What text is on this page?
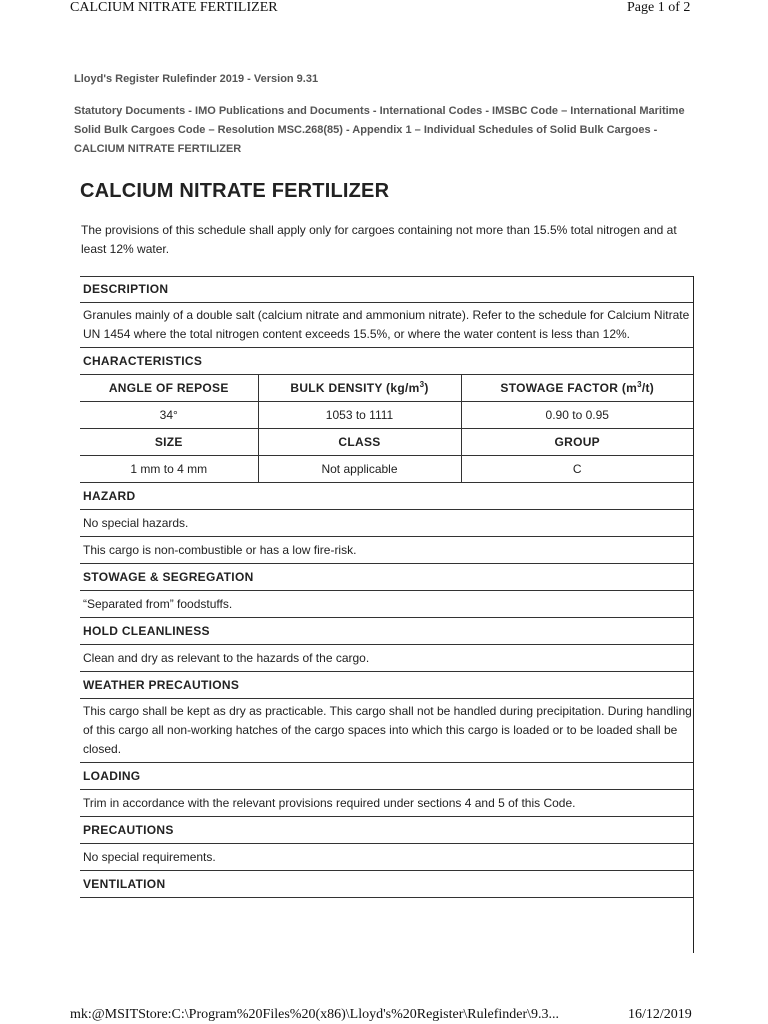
CALCIUM NITRATE FERTILIZER	Page 1 of 2
Lloyd's Register Rulefinder 2019 - Version 9.31
Statutory Documents - IMO Publications and Documents - International Codes - IMSBC Code – International Maritime Solid Bulk Cargoes Code – Resolution MSC.268(85) - Appendix 1 – Individual Schedules of Solid Bulk Cargoes - CALCIUM NITRATE FERTILIZER
CALCIUM NITRATE FERTILIZER
The provisions of this schedule shall apply only for cargoes containing not more than 15.5% total nitrogen and at least 12% water.
DESCRIPTION		
Granules mainly of a double salt (calcium nitrate and ammonium nitrate). Refer to the schedule for Calcium Nitrate UN 1454 where the total nitrogen content exceeds 15.5%, or where the water content is less than 12%.		
CHARACTERISTICS		
ANGLE OF REPOSE	BULK DENSITY $(kg/m^3)$	STOWAGE FACTOR $(m^3/t)$
34°	1053 to 1111	0.90 to 0.95
SIZE	CLASS	GROUP
1 mm to 4 mm	Not applicable	C
HAZARD		
No special hazards.		
This cargo is non-combustible or has a low fire-risk.		
STOWAGE & SEGREGATION		
“Separated from” foodstuffs.		
HOLD CLEANLINESS		
Clean and dry as relevant to the hazards of the cargo.		
WEATHER PRECAUTIONS		
This cargo shall be kept as dry as practicable. This cargo shall not be handled during precipitation. During handling of this cargo all non-working hatches of the cargo spaces into which this cargo is loaded or to be loaded shall be closed.		
LOADING		
Trim in accordance with the relevant provisions required under sections 4 and 5 of this Code.		
PRECAUTIONS		
No special requirements.		
VENTILATION		
mk:@MSITStore:C:\Program%20Files%20(x86)\Lloyd's%20Register\Rulefinder\9.3...	16/12/2019
